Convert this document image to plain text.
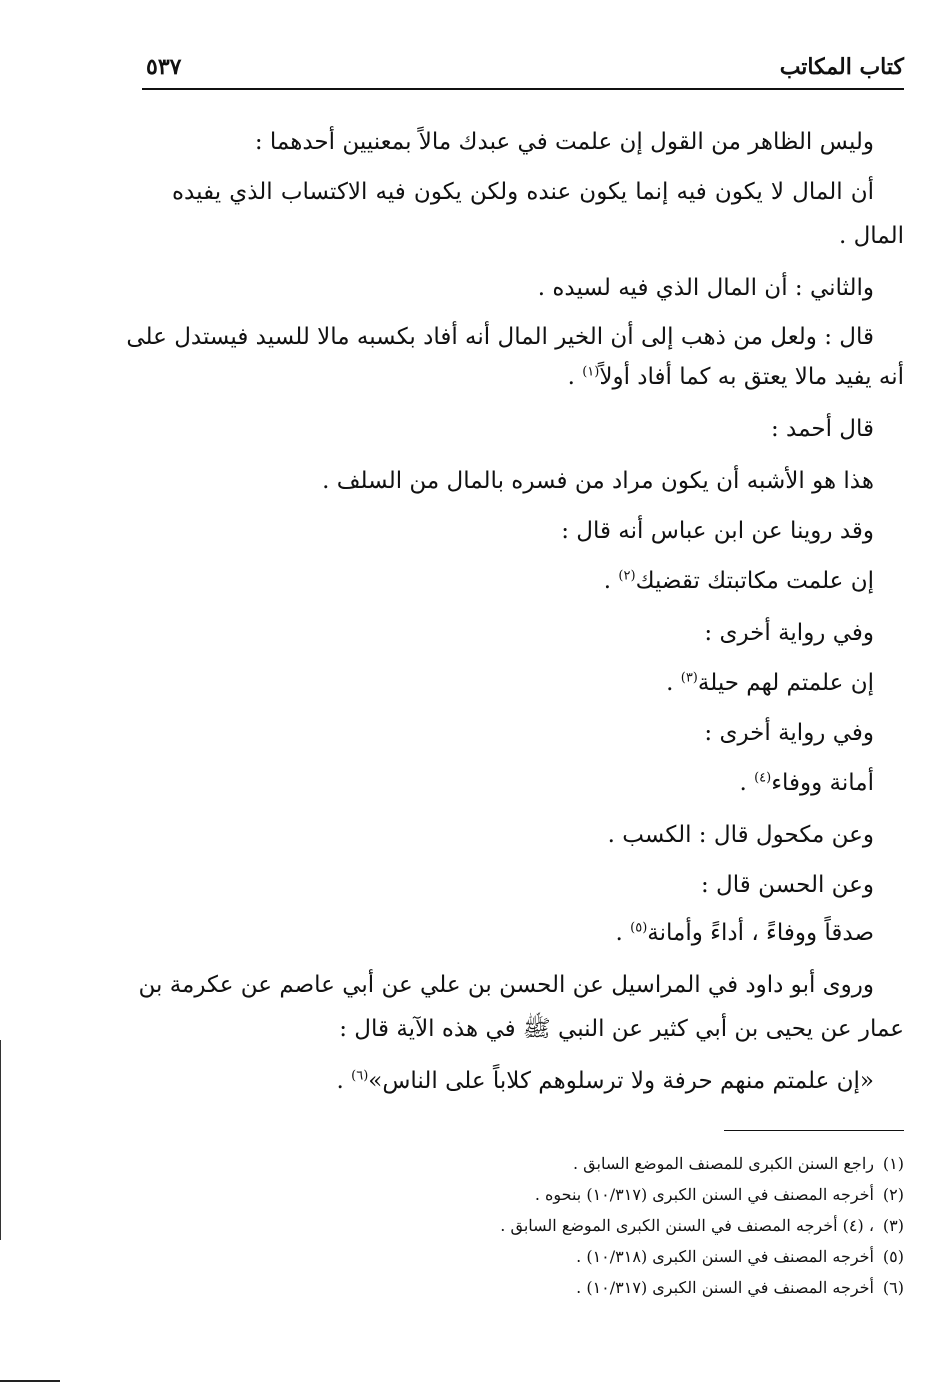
كتاب المكاتب
٥٣٧
وليس الظاهر من القول إن علمت في عبدك مالاً بمعنيين أحدهما :
أن المال لا يكون فيه إنما يكون عنده ولكن يكون فيه الاكتساب الذي يفيده
المال .
والثاني : أن المال الذي فيه لسيده .
قال : ولعل من ذهب إلى أن الخير المال أنه أفاد بكسبه مالا للسيد فيستدل على
أنه يفيد مالا يعتق به كما أفاد أولاً$^{(١)}$ .
قال أحمد :
هذا هو الأشبه أن يكون مراد من فسره بالمال من السلف .
وقد روينا عن ابن عباس أنه قال :
إن علمت مكاتبتك تقضيك$^{(٢)}$ .
وفي رواية أخرى :
إن علمتم لهم حيلة$^{(٣)}$ .
وفي رواية أخرى :
أمانة ووفاء$^{(٤)}$ .
وعن مكحول قال : الكسب .
وعن الحسن قال :
صدقاً ووفاءً ، أداءً وأمانة$^{(٥)}$ .
وروى أبو داود في المراسيل عن الحسن بن علي عن أبي عاصم عن عكرمة بن
عمار عن يحيى بن أبي كثير عن النبي ﷺ في هذه الآية قال :
«إن علمتم منهم حرفة ولا ترسلوهم كلاباً على الناس»$^{(٦)}$ .
(١)راجع السنن الكبرى للمصنف الموضع السابق .
(٢)أخرجه المصنف في السنن الكبرى (١٠/٣١٧) بنحوه .
(٣)، (٤) أخرجه المصنف في السنن الكبرى الموضع السابق .
(٥)أخرجه المصنف في السنن الكبرى (١٠/٣١٨) .
(٦)أخرجه المصنف في السنن الكبرى (١٠/٣١٧) .
